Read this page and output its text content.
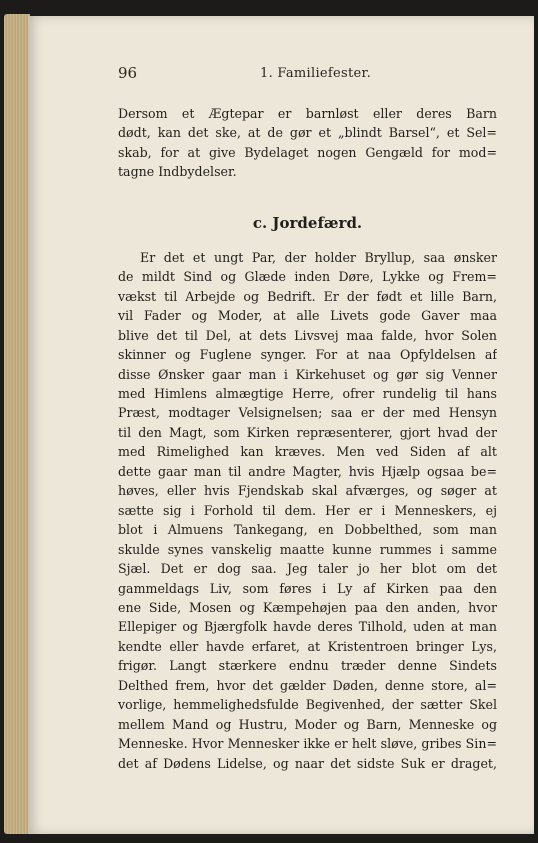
96	1. Familiefester.
Dersom et Ægtepar er barnløst eller deres Barn
dødt, kan det ske, at de gør et „blindt Barsel“, et Sel=
skab, for at give Bydelaget nogen Gengæld for mod=
tagne Indbydelser.
c. Jordefærd.
Er det et ungt Par, der holder Bryllup, saa ønsker
de mildt Sind og Glæde inden Døre, Lykke og Frem=
vækst til Arbejde og Bedrift. Er der født et lille Barn,
vil Fader og Moder, at alle Livets gode Gaver maa
blive det til Del, at dets Livsvej maa falde, hvor Solen
skinner og Fuglene synger. For at naa Opfyldelsen af
disse Ønsker gaar man i Kirkehuset og gør sig Venner
med Himlens almægtige Herre, ofrer rundelig til hans
Præst, modtager Velsignelsen; saa er der med Hensyn
til den Magt, som Kirken repræsenterer, gjort hvad der
med Rimelighed kan kræves. Men ved Siden af alt
dette gaar man til andre Magter, hvis Hjælp ogsaa be=
høves, eller hvis Fjendskab skal afværges, og søger at
sætte sig i Forhold til dem. Her er i Menneskers, ej
blot i Almuens Tankegang, en Dobbelthed, som man
skulde synes vanskelig maatte kunne rummes i samme
Sjæl. Det er dog saa. Jeg taler jo her blot om det
gammeldags Liv, som føres i Ly af Kirken paa den
ene Side, Mosen og Kæmpehøjen paa den anden, hvor
Ellepiger og Bjærgfolk havde deres Tilhold, uden at man
kendte eller havde erfaret, at Kristentroen bringer Lys,
frigør. Langt stærkere endnu træder denne Sindets
Delthed frem, hvor det gælder Døden, denne store, al=
vorlige, hemmelighedsfulde Begivenhed, der sætter Skel
mellem Mand og Hustru, Moder og Barn, Menneske og
Menneske. Hvor Mennesker ikke er helt sløve, gribes Sin=
det af Dødens Lidelse, og naar det sidste Suk er draget,
